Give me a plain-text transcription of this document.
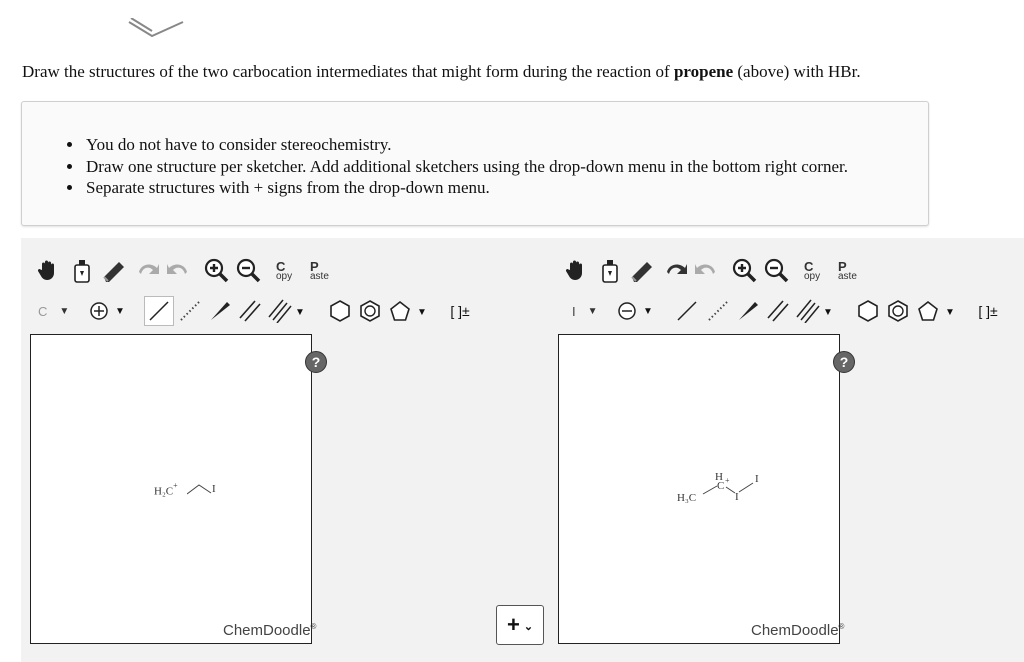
Draw the structures of the two carbocation intermediates that might form during the reaction of propene (above) with HBr.
• You do not have to consider stereochemistry.
• Draw one structure per sketcher. Add additional sketchers using the drop-down menu in the bottom right corner.
• Separate structures with + signs from the drop-down menu.
C
opy
P
aste
C ▼	▼	▼	▼ [ ]±
?
H₂C+	I
ChemDoodle®
C
opy
P
aste
I ▼	▼	▼	▼ [ ]±
?
H
C +
H₃C	I
I
ChemDoodle®
+ ⌄
